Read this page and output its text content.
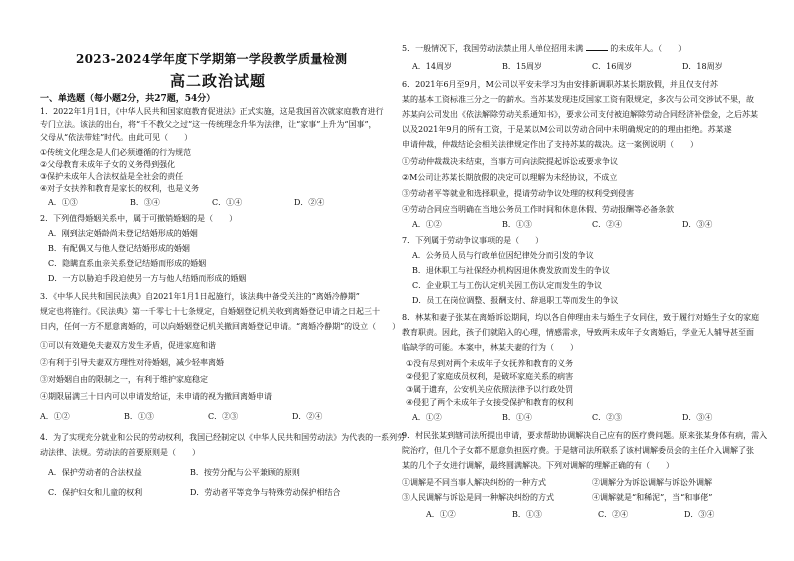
2023-2024学年度下学期第一学段教学质量检测
高二政治试题
一、单选题（每小题2分，共27题，54分）
1．2022年1月1日，《中华人民共和国家庭教育促进法》正式实施，这是我国首次就家庭教育进行
专门立法。该法的出台，将“千不教父之过”这一传统理念升华为法律，让“家事”上升为“国事”，
父母从“依法带娃”时代。由此可见（　　）
①传统文化理念是人们必须遵循的行为规范
②父母教育未成年子女的义务得到强化
③保护未成年人合法权益是全社会的责任
④对子女扶养和教育是家长的权利，也是义务
A．①③	B．③④	C．①④	D．②④
2．下列值得婚姻关系中，属于可撤销婚姻的是（　　）
A．刚到法定婚龄尚未登记结婚形成的婚姻
B．有配偶又与他人登记结婚形成的婚姻
C．隐瞒直系血亲关系登记结婚而形成的婚姻
D．一方以胁迫手段迫使另一方与他人结婚而形成的婚姻
3．《中华人民共和国民法典》自2021年1月1日起施行，该法典中备受关注的“离婚冷静期”
规定也将施行。《民法典》第一千零七十七条规定，自婚姻登记机关收到离婚登记申请之日起三十
日内，任何一方不愿意离婚的，可以向婚姻登记机关撤回离婚登记申请。“离婚冷静期”的设立（　　）
①可以有效避免夫妻双方发生矛盾，促进家庭和谐
②有利于引导夫妻双方理性对待婚姻，减少轻率离婚
③对婚姻自由的限制之一，有利于维护家庭稳定
④期限届满三十日内可以申请发给证，未申请的视为撤回离婚申请
A．①②	B．①③	C．②③	D．②④
4．为了实现充分就业和公民的劳动权利，我国已经制定以《中华人民共和国劳动法》为代表的一系列劳
动法律、法规。劳动法的首要原则是（　　）
A．保护劳动者的合法权益	B．按劳分配与公平兼顾的原则
C．保护妇女和儿童的权利	D．劳动者平等竞争与特殊劳动保护相结合
5．一般情况下，我国劳动法禁止用人单位招用未满	的未成年人。（　　）
A．14周岁	B．15周岁	C．16周岁	D．18周岁
6．2021年6月至9月，M公司以平安未学习为由安排新调职苏某长期放假，并且仅支付苏
某的基本工资标准三分之一的薪水。当苏某发现违反国家工资有限规定，多次与公司交涉试不果，故
苏某向公司发出《依法解除劳动关系通知书》，要求公司支付被迫解除劳动合同经济补偿金，之后苏某
以及2021年9月的所有工资，于是某以M公司以劳动合同中未明确规定的的理由拒绝。苏某遂
申请仲裁，仲裁结论会相关法律规定作出了支持苏某的裁决。这一案例说明（　　）
①劳动仲裁裁决未结束，当事方可向法院提起诉讼或要求争议
②M公司让苏某长期放假的决定可以理解为未经协议，不成立
③劳动者平等就业和选择职业，提请劳动争议处理的权利受到侵害
④劳动合同应当明确在当地公务员工作时间和休息休假、劳动报酬等必备条款
A．①②	B．①③	C．②④	D．③④
7．下列属于劳动争议事项的是（　　）
A．公务员人员与行政单位因纪律处分而引发的争议
B．退休职工与社保经办机构因退休费发放而发生的争议
C．企业职工与工伤认定机关因工伤认定而发生的争议
D．员工在岗位调整、报酬支付、辞退职工等而发生的争议
8．林某和妻子张某在离婚诉讼期间，均以各自伸理由未与婚生子女同住，致于履行对婚生子女的家庭
教育职责。因此，孩子们就陷入的心理，情感需求，导致两未成年子女离婚后，学业无人辅导甚至面
临缺学的可能。本案中，林某夫妻的行为（　　）
①没有尽到对两个未成年子女抚养和教育的义务
②侵犯了家庭成员权利，是破坏家庭关系的病害
③属于遗弃，公安机关应依照法律予以行政处罚
④侵犯了两个未成年子女接受保护和教育的权利
A．①②	B．①④	C．②③	D．③④
9．村民张某到辖司法所提出申请，要求帮助协调解决自己应有的医疗费问题。原来张某身体有病，需入
院治疗，但几个子女都不愿意负担医疗费。于是辖司法所联系了该村调解委员会的主任介入调解了张
某的几个子女进行调解，最终圆满解决。下列对调解的理解正确的有（　　）
①调解是不同当事人解决纠纷的一种方式	②调解分为诉讼调解与诉讼外调解
③人民调解与诉讼是同一种解决纠纷的方式	④调解就是“和稀泥”，当“和事佬”
A．①②	B．①③	C．②④	D．③④
